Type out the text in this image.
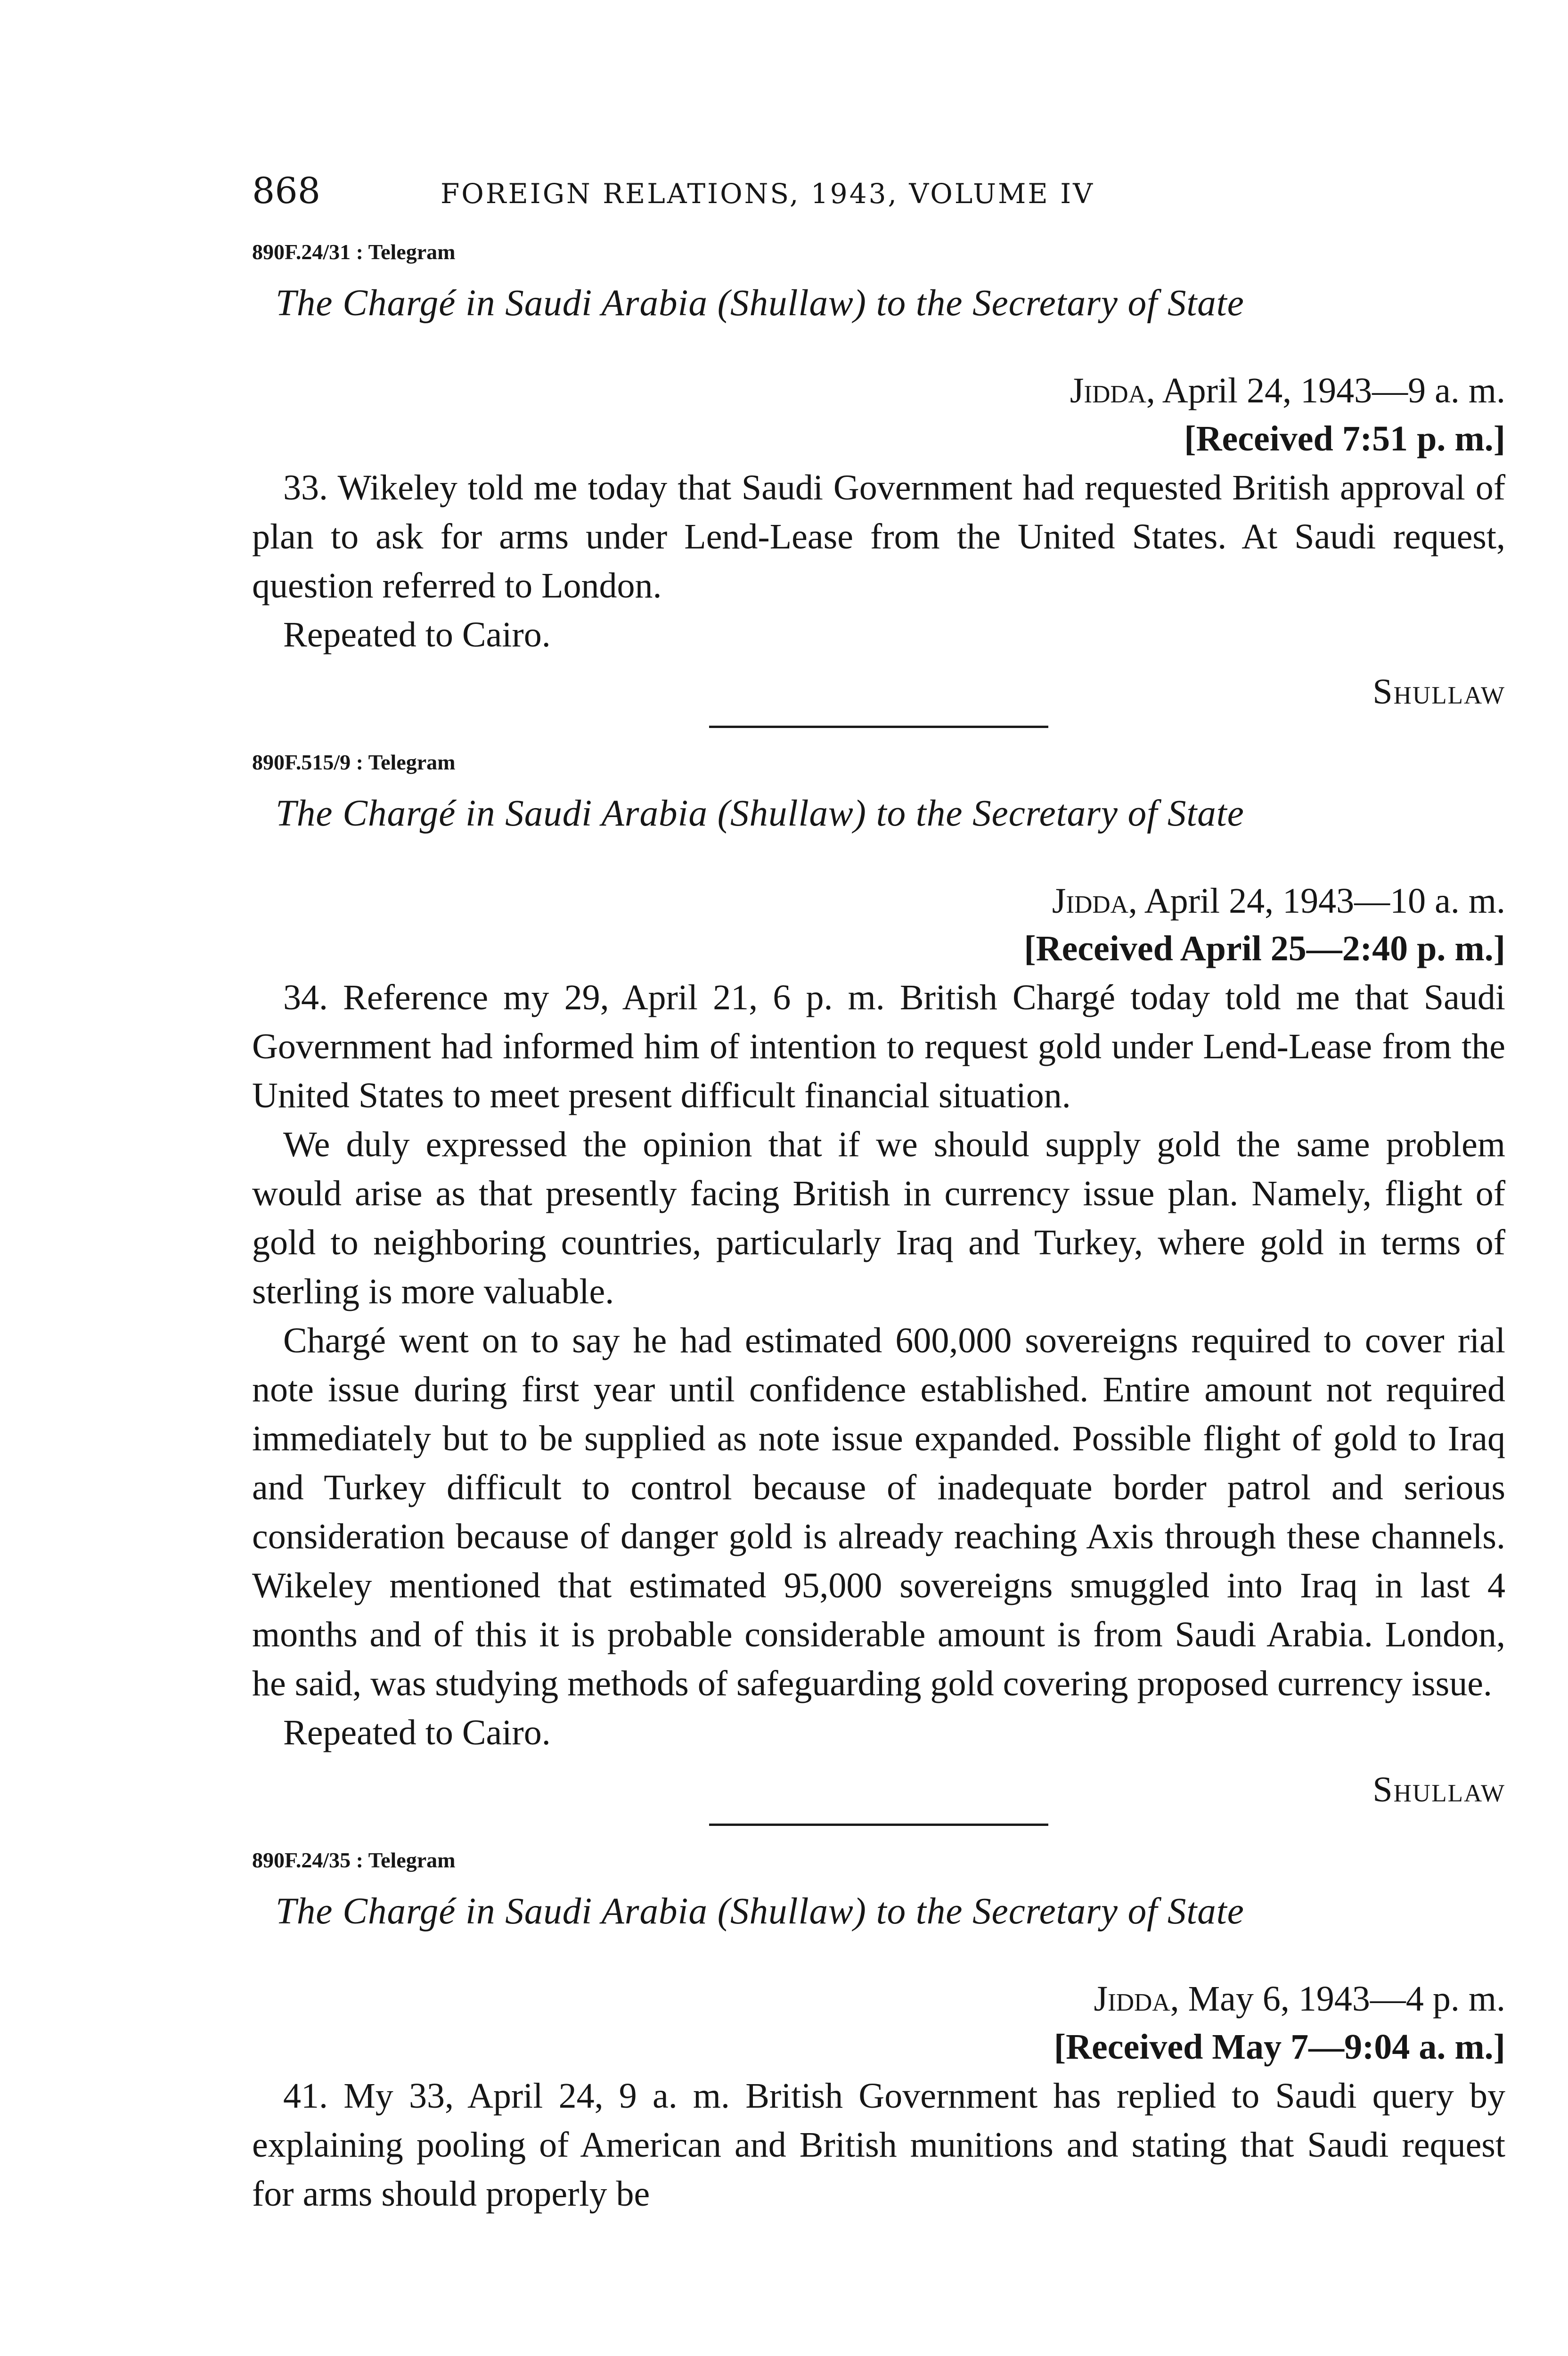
868	FOREIGN RELATIONS, 1943, VOLUME IV
890F.24/31 : Telegram
The Chargé in Saudi Arabia (Shullaw) to the Secretary of State
Jidda, April 24, 1943—9 a. m.
[Received 7:51 p. m.]

33. Wikeley told me today that Saudi Government had requested British approval of plan to ask for arms under Lend-Lease from the United States. At Saudi request, question referred to London.

Repeated to Cairo.

Shullaw
890F.515/9 : Telegram
The Chargé in Saudi Arabia (Shullaw) to the Secretary of State
Jidda, April 24, 1943—10 a. m.
[Received April 25—2:40 p. m.]

34. Reference my 29, April 21, 6 p. m. British Chargé today told me that Saudi Government had informed him of intention to request gold under Lend-Lease from the United States to meet present difficult financial situation.

We duly expressed the opinion that if we should supply gold the same problem would arise as that presently facing British in currency issue plan. Namely, flight of gold to neighboring countries, particularly Iraq and Turkey, where gold in terms of sterling is more valuable.

Chargé went on to say he had estimated 600,000 sovereigns required to cover rial note issue during first year until confidence established. Entire amount not required immediately but to be supplied as note issue expanded. Possible flight of gold to Iraq and Turkey difficult to control because of inadequate border patrol and serious consideration because of danger gold is already reaching Axis through these channels. Wikeley mentioned that estimated 95,000 sovereigns smuggled into Iraq in last 4 months and of this it is probable considerable amount is from Saudi Arabia. London, he said, was studying methods of safeguarding gold covering proposed currency issue.

Repeated to Cairo.

Shullaw
890F.24/35 : Telegram
The Chargé in Saudi Arabia (Shullaw) to the Secretary of State
Jidda, May 6, 1943—4 p. m.
[Received May 7—9:04 a. m.]

41. My 33, April 24, 9 a. m. British Government has replied to Saudi query by explaining pooling of American and British munitions and stating that Saudi request for arms should properly be
